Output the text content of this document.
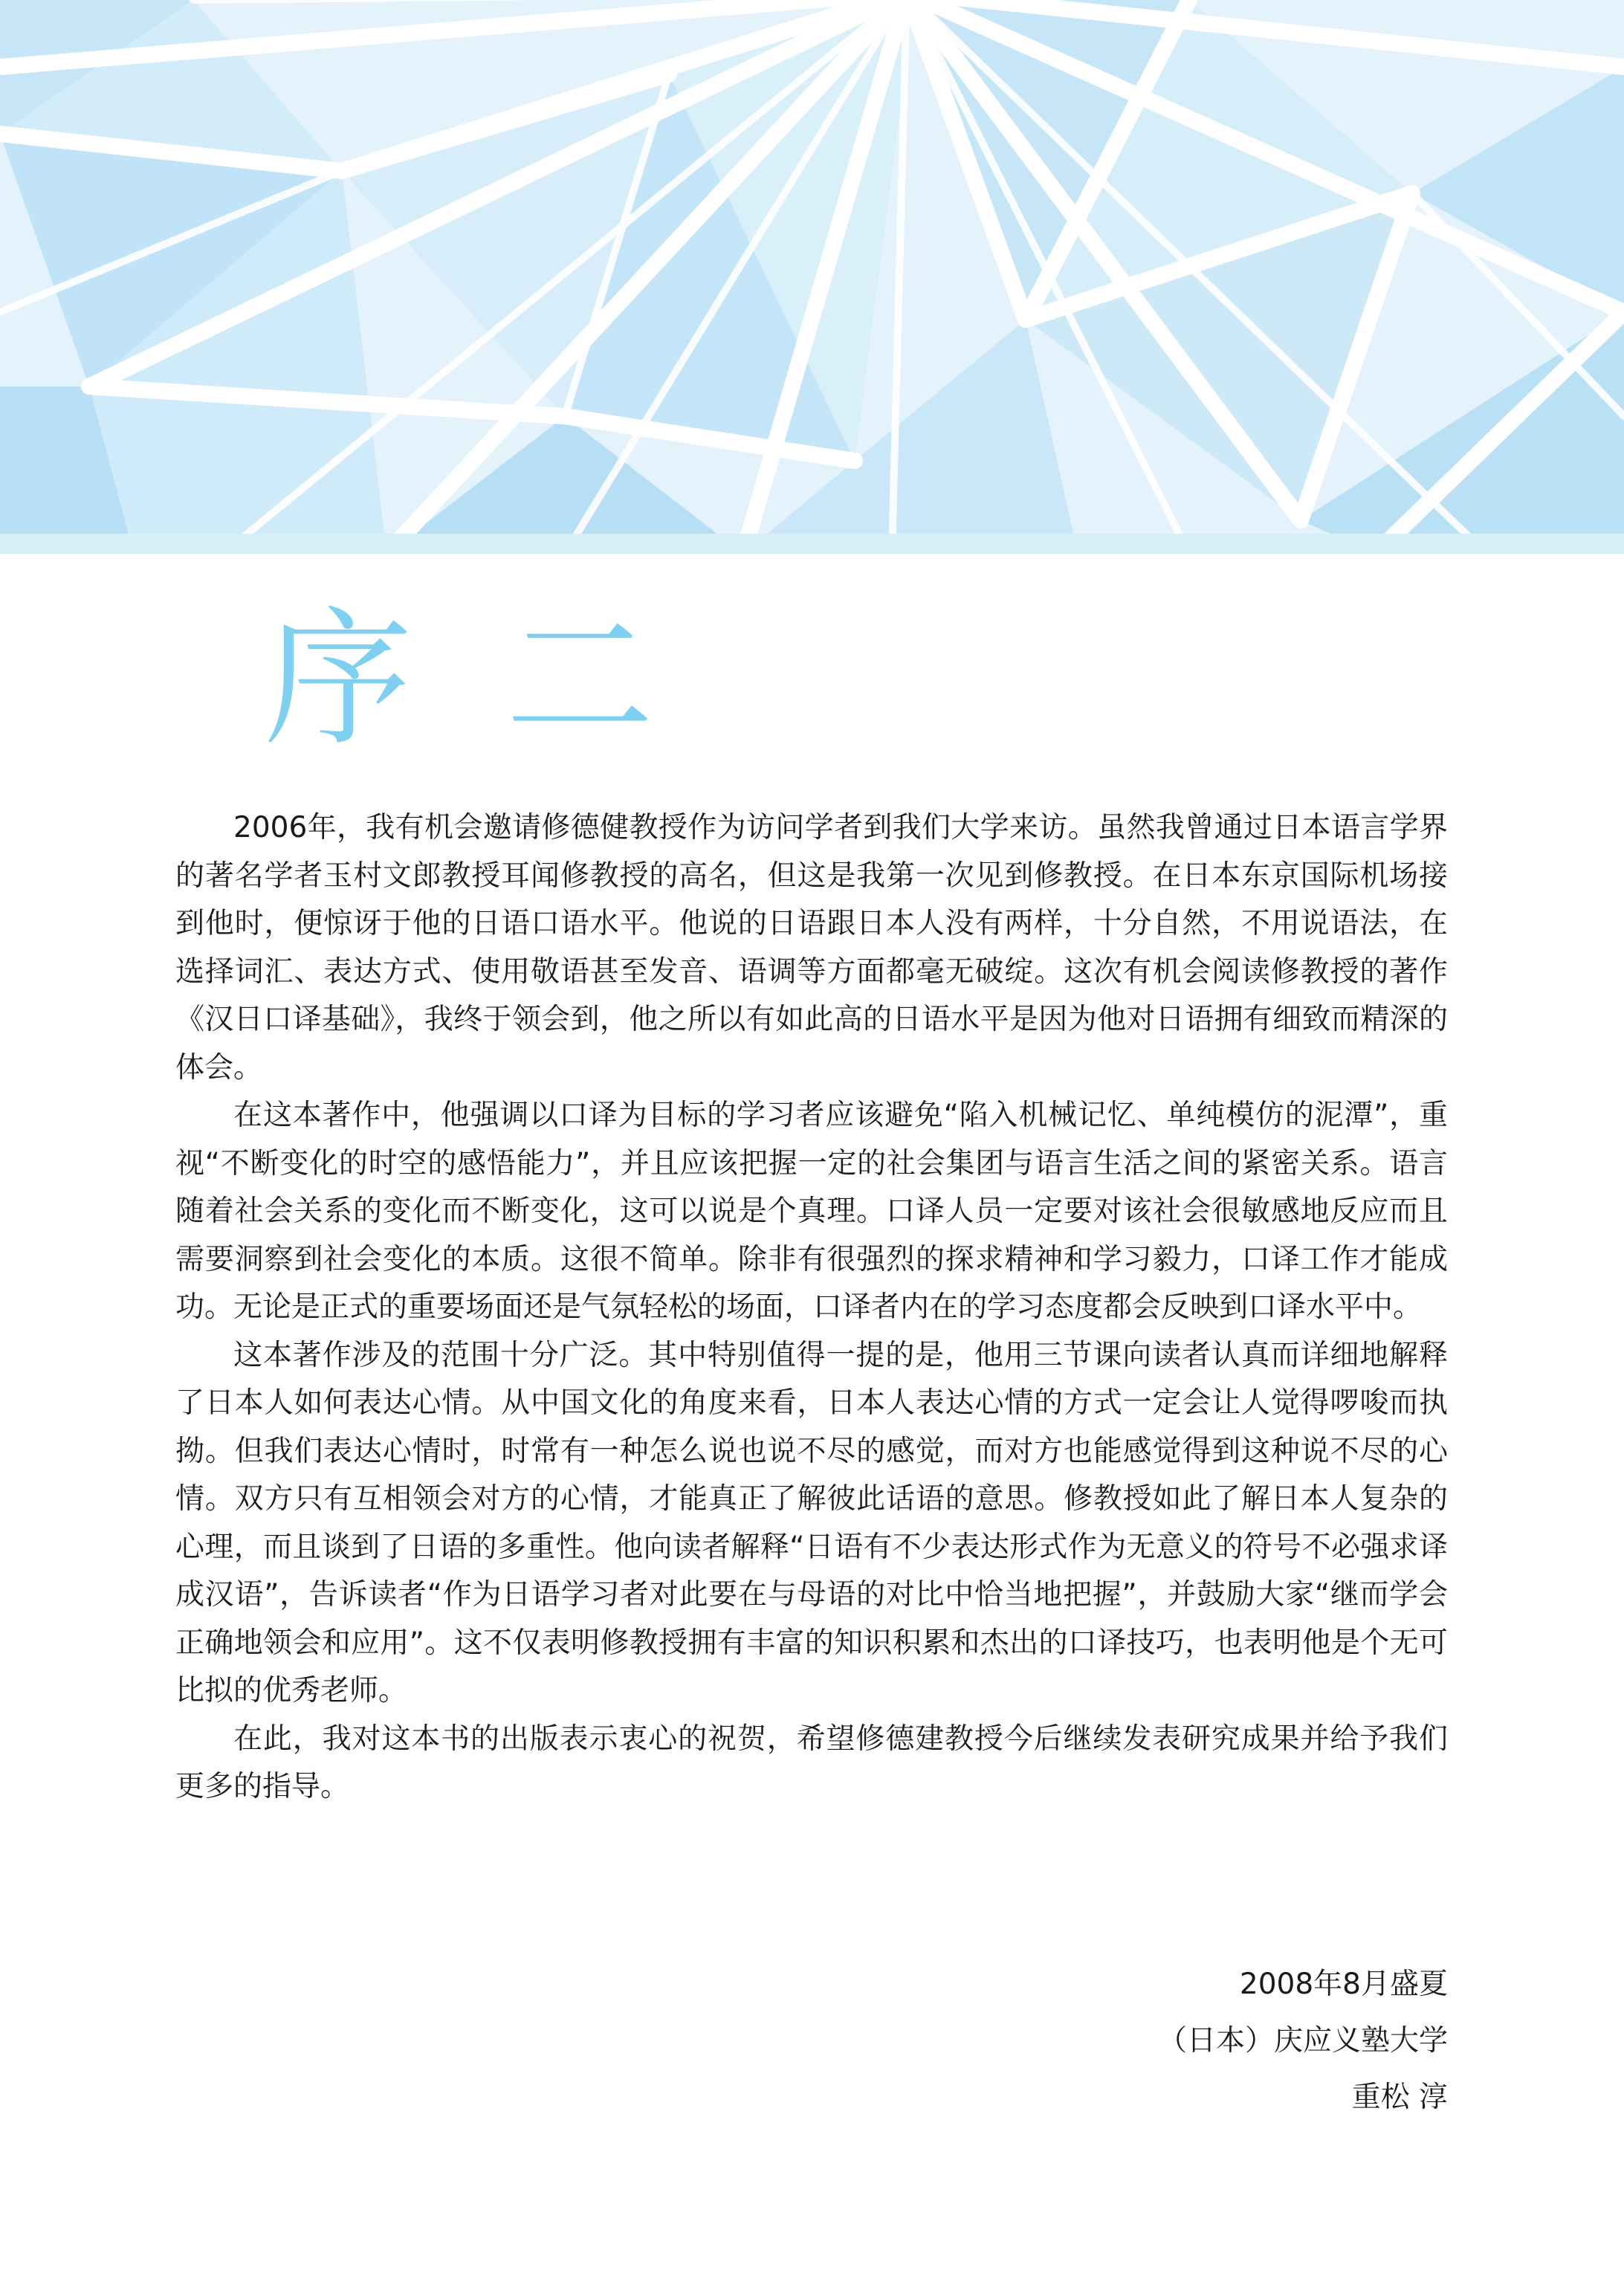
序 二

2006年，我有机会邀请修德健教授作为访问学者到我们大学来访。虽然我曾通过日本语言学界的著名学者玉村文郎教授耳闻修教授的高名，但这是我第一次见到修教授。在日本东京国际机场接到他时，便惊讶于他的日语口语水平。他说的日语跟日本人没有两样，十分自然，不用说语法，在选择词汇、表达方式、使用敬语甚至发音、语调等方面都毫无破绽。这次有机会阅读修教授的著作《汉日口译基础》，我终于领会到，他之所以有如此高的日语水平是因为他对日语拥有细致而精深的体会。

在这本著作中，他强调以口译为目标的学习者应该避免“陷入机械记忆、单纯模仿的泥潭”，重视“不断变化的时空的感悟能力”，并且应该把握一定的社会集团与语言生活之间的紧密关系。语言随着社会关系的变化而不断变化，这可以说是个真理。口译人员一定要对该社会很敏感地反应而且需要洞察到社会变化的本质。这很不简单。除非有很强烈的探求精神和学习毅力，口译工作才能成功。无论是正式的重要场面还是气氛轻松的场面，口译者内在的学习态度都会反映到口译水平中。

这本著作涉及的范围十分广泛。其中特别值得一提的是，他用三节课向读者认真而详细地解释了日本人如何表达心情。从中国文化的角度来看，日本人表达心情的方式一定会让人觉得啰唆而执拗。但我们表达心情时，时常有一种怎么说也说不尽的感觉，而对方也能感觉得到这种说不尽的心情。双方只有互相领会对方的心情，才能真正了解彼此话语的意思。修教授如此了解日本人复杂的心理，而且谈到了日语的多重性。他向读者解释“日语有不少表达形式作为无意义的符号不必强求译成汉语”，告诉读者“作为日语学习者对此要在与母语的对比中恰当地把握”，并鼓励大家“继而学会正确地领会和应用”。这不仅表明修教授拥有丰富的知识积累和杰出的口译技巧，也表明他是个无可比拟的优秀老师。

在此，我对这本书的出版表示衷心的祝贺，希望修德建教授今后继续发表研究成果并给予我们更多的指导。

2008年8月盛夏
（日本）庆应义塾大学
重松 淳
